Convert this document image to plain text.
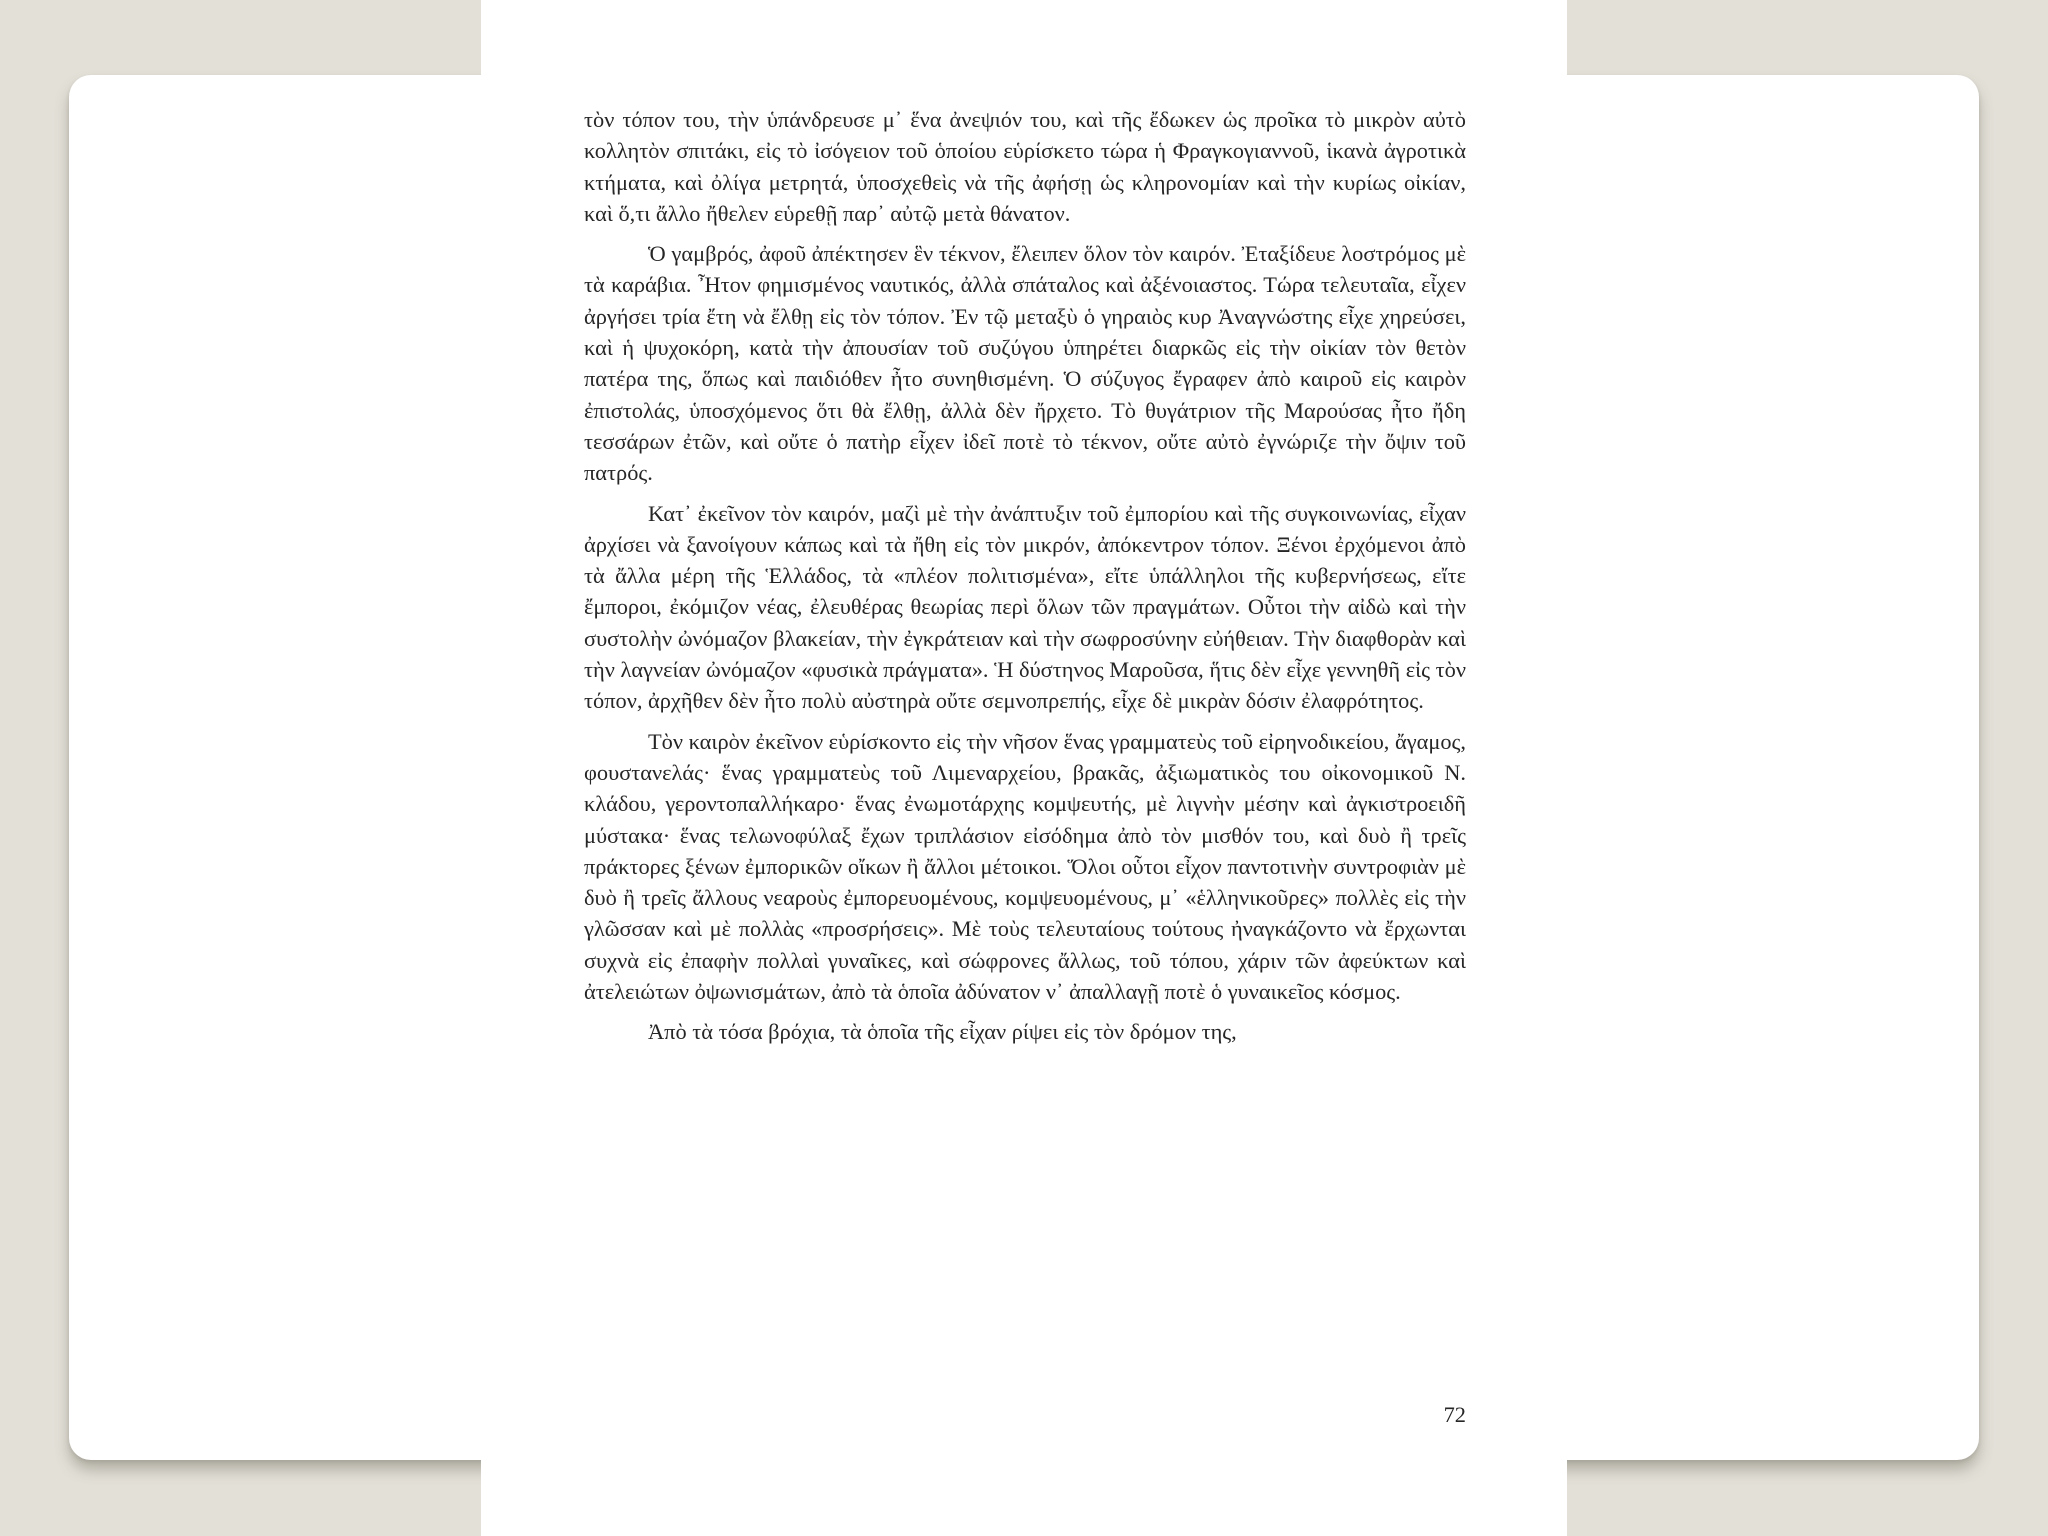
τὸν τόπον του, τὴν ὑπάνδρευσε μ᾽ ἕνα ἀνεψιόν του, καὶ τῆς ἔδωκεν ὡς προῖκα τὸ μικρὸν αὐτὸ κολλητὸν σπιτάκι, εἰς τὸ ἰσόγειον τοῦ ὁποίου εὑρίσκετο τώρα ἡ Φραγκογιαννοῦ, ἱκανὰ ἀγροτικὰ κτήματα, καὶ ὀλίγα μετρητά, ὑποσχεθεὶς νὰ τῆς ἀφήσῃ ὡς κληρονομίαν καὶ τὴν κυρίως οἰκίαν, καὶ ὅ,τι ἄλλο ἤθελεν εὑρεθῇ παρ᾽ αὐτῷ μετὰ θάνατον.

Ὁ γαμβρός, ἀφοῦ ἀπέκτησεν ἓν τέκνον, ἔλειπεν ὅλον τὸν καιρόν. Ἐταξίδευε λοστρόμος μὲ τὰ καράβια. Ἦτον φημισμένος ναυτικός, ἀλλὰ σπάταλος καὶ ἀξένοιαστος. Τώρα τελευταῖα, εἶχεν ἀργήσει τρία ἔτη νὰ ἔλθῃ εἰς τὸν τόπον. Ἐν τῷ μεταξὺ ὁ γηραιὸς κυρ Ἀναγνώστης εἶχε χηρεύσει, καὶ ἡ ψυχοκόρη, κατὰ τὴν ἀπουσίαν τοῦ συζύγου ὑπηρέτει διαρκῶς εἰς τὴν οἰκίαν τὸν θετὸν πατέρα της, ὅπως καὶ παιδιόθεν ἦτο συνηθισμένη. Ὁ σύζυγος ἔγραφεν ἀπὸ καιροῦ εἰς καιρὸν ἐπιστολάς, ὑποσχόμενος ὅτι θὰ ἔλθῃ, ἀλλὰ δὲν ἤρχετο. Τὸ θυγάτριον τῆς Μαρούσας ἦτο ἤδη τεσσάρων ἐτῶν, καὶ οὔτε ὁ πατὴρ εἶχεν ἰδεῖ ποτὲ τὸ τέκνον, οὔτε αὐτὸ ἐγνώριζε τὴν ὄψιν τοῦ πατρός.

Κατ᾽ ἐκεῖνον τὸν καιρόν, μαζὶ μὲ τὴν ἀνάπτυξιν τοῦ ἐμπορίου καὶ τῆς συγκοινωνίας, εἶχαν ἀρχίσει νὰ ξανοίγουν κάπως καὶ τὰ ἤθη εἰς τὸν μικρόν, ἀπόκεντρον τόπον. Ξένοι ἐρχόμενοι ἀπὸ τὰ ἄλλα μέρη τῆς Ἑλλάδος, τὰ «πλέον πολιτισμένα», εἴτε ὑπάλληλοι τῆς κυβερνήσεως, εἴτε ἔμποροι, ἐκόμιζον νέας, ἐλευθέρας θεωρίας περὶ ὅλων τῶν πραγμάτων. Οὗτοι τὴν αἰδὼ καὶ τὴν συστολὴν ὠνόμαζον βλακείαν, τὴν ἐγκράτειαν καὶ τὴν σωφροσύνην εὐήθειαν. Τὴν διαφθορὰν καὶ τὴν λαγνείαν ὠνόμαζον «φυσικὰ πράγματα». Ἡ δύστηνος Μαροῦσα, ἥτις δὲν εἶχε γεννηθῆ εἰς τὸν τόπον, ἀρχῆθεν δὲν ἦτο πολὺ αὐστηρὰ οὔτε σεμνοπρεπής, εἶχε δὲ μικρὰν δόσιν ἐλαφρότητος.

Τὸν καιρὸν ἐκεῖνον εὑρίσκοντο εἰς τὴν νῆσον ἕνας γραμματεὺς τοῦ εἰρηνοδικείου, ἄγαμος, φουστανελάς· ἕνας γραμματεὺς τοῦ Λιμεναρχείου, βρακᾶς, ἀξιωματικὸς του οἰκονομικοῦ Ν. κλάδου, γεροντοπαλλήκαρο· ἕνας ἐνωμοτάρχης κομψευτής, μὲ λιγνὴν μέσην καὶ ἀγκιστροειδῆ μύστακα· ἕνας τελωνοφύλαξ ἔχων τριπλάσιον εἰσόδημα ἀπὸ τὸν μισθόν του, καὶ δυὸ ἢ τρεῖς πράκτορες ξένων ἐμπορικῶν οἴκων ἢ ἄλλοι μέτοικοι. Ὅλοι οὗτοι εἶχον παντοτινὴν συντροφιὰν μὲ δυὸ ἢ τρεῖς ἄλλους νεαροὺς ἐμπορευομένους, κομψευομένους, μ᾽ «ἑλληνικοῦρες» πολλὲς εἰς τὴν γλῶσσαν καὶ μὲ πολλὰς «προσρήσεις». Μὲ τοὺς τελευταίους τούτους ἠναγκάζοντο νὰ ἔρχωνται συχνὰ εἰς ἐπαφὴν πολλαὶ γυναῖκες, καὶ σώφρονες ἄλλως, τοῦ τόπου, χάριν τῶν ἀφεύκτων καὶ ἀτελειώτων ὀψωνισμάτων, ἀπὸ τὰ ὁποῖα ἀδύνατον ν᾽ ἀπαλλαγῇ ποτὲ ὁ γυναικεῖος κόσμος.

Ἀπὸ τὰ τόσα βρόχια, τὰ ὁποῖα τῆς εἶχαν ρίψει εἰς τὸν δρόμον της,

72
